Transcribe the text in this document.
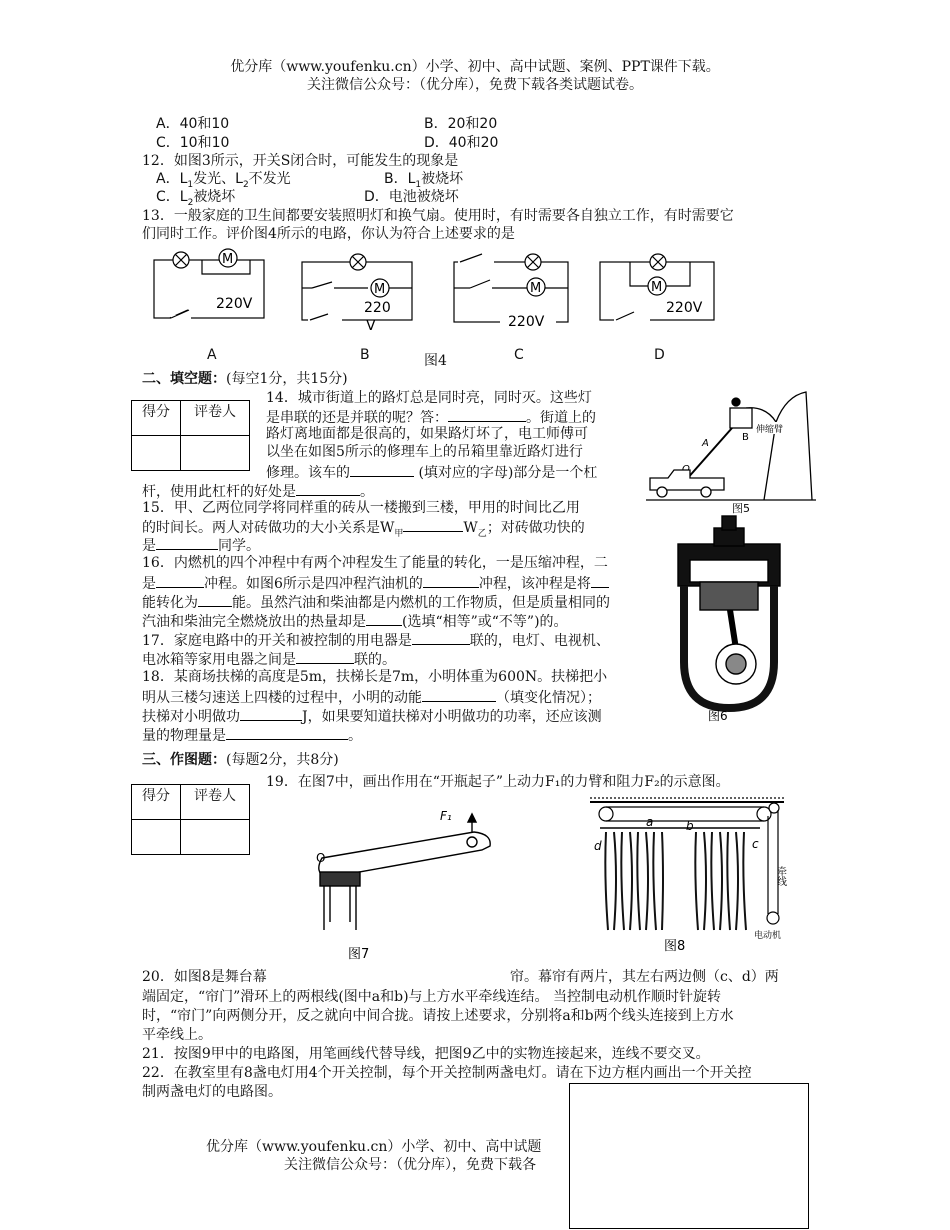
优分库（www.youfenku.cn）小学、初中、高中试题、案例、PPT课件下载。
关注微信公众号：（优分库），免费下载各类试题试卷。
A．40和10	B．20和20
C．10和10	D．40和20
12．如图3所示，开关S闭合时，可能发生的现象是
A．$L_1$发光、$L_2$不发光	B．$L_1$被烧坏
C．$L_2$被烧坏	D．电池被烧坏
13．一般家庭的卫生间都要安装照明灯和换气扇。使用时，有时需要各自独立工作，有时需要它
们同时工作。评价图4所示的电路，你认为符合上述要求的是
M
220V
M
220
V
M
220V
M
220V
A	B	图4	C	D
二、填空题：(每空1分，共15分)
得分	评卷人

14．城市街道上的路灯总是同时亮，同时灭。这些灯
是串联的还是并联的呢？答：	。街道上的
路灯离地面都是很高的，如果路灯坏了，电工师傅可
以坐在如图5所示的修理车上的吊箱里靠近路灯进行
修理。该车的	(填对应的字母)部分是一个杠
杆，使用此杠杆的好处是	。
B
A
伸缩臂
图5
15．甲、乙两位同学将同样重的砖从一楼搬到三楼，甲用的时间比乙用
的时间长。两人对砖做功的大小关系是$W_甲$	$W_乙$；对砖做功快的
是	同学。
图6
16．内燃机的四个冲程中有两个冲程发生了能量的转化，一是压缩冲程，二
是	冲程。如图6所示是四冲程汽油机的	冲程，该冲程是将
能转化为 能。虽然汽油和柴油都是内燃机的工作物质，但是质量相同的
汽油和柴油完全燃烧放出的热量却是	(选填“相等”或“不等”)的。
17．家庭电路中的开关和被控制的用电器是	联的，电灯、电视机、
电冰箱等家用电器之间是	联的。
18．某商场扶梯的高度是5m，扶梯长是7m，小明体重为600N。扶梯把小
明从三楼匀速送上四楼的过程中，小明的动能	（填变化情况）；
扶梯对小明做功	J，如果要知道扶梯对小明做功的功率，还应该测
量的物理量是	。
三、作图题：(每题2分，共8分)
得分	评卷人

19．在图7中，画出作用在“开瓶起子”上动力F₁的力臂和阻力F₂的示意图。
F₁
O
图7
a	b
d	c
牵线
电动机
图8
20．如图8是舞台幕	帘。幕帘有两片，其左右两边侧（c、d）两
端固定，“帘门”滑环上的两根线(图中a和b)与上方水平牵线连结。 当控制电动机作顺时针旋转
时，“帘门”向两侧分开，反之就向中间合拢。请按上述要求，分别将a和b两个线头连接到上方水
平牵线上。
21．按图9甲中的电路图，用笔画线代替导线，把图9乙中的实物连接起来，连线不要交叉。
22．在教室里有8盏电灯用4个开关控制，每个开关控制两盏电灯。请在下边方框内画出一个开关控
制两盏电灯的电路图。
优分库（www.youfenku.cn）小学、初中、高中试题
关注微信公众号：（优分库），免费下载各
